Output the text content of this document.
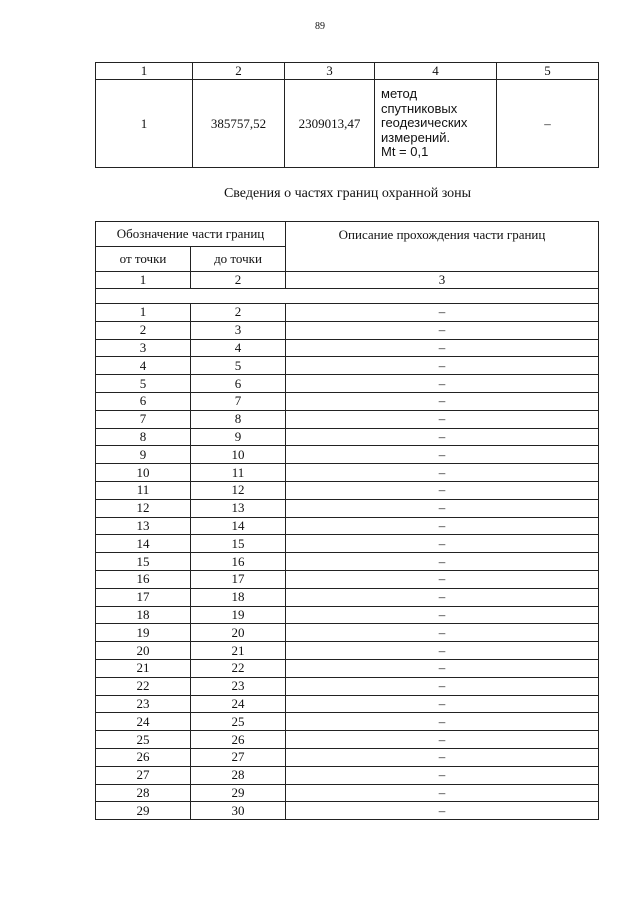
89
1	2	3	4	5
1	385757,52	2309013,47	метод
спутниковых
геодезических
измерений.
Mt = 0,1	–
Сведения о частях границ охранной зоны
Обозначение части границ		Описание прохождения части границ
от точки	до точки	
1	2	3

1	2	–
2	3	–
3	4	–
4	5	–
5	6	–
6	7	–
7	8	–
8	9	–
9	10	–
10	11	–
11	12	–
12	13	–
13	14	–
14	15	–
15	16	–
16	17	–
17	18	–
18	19	–
19	20	–
20	21	–
21	22	–
22	23	–
23	24	–
24	25	–
25	26	–
26	27	–
27	28	–
28	29	–
29	30	–
